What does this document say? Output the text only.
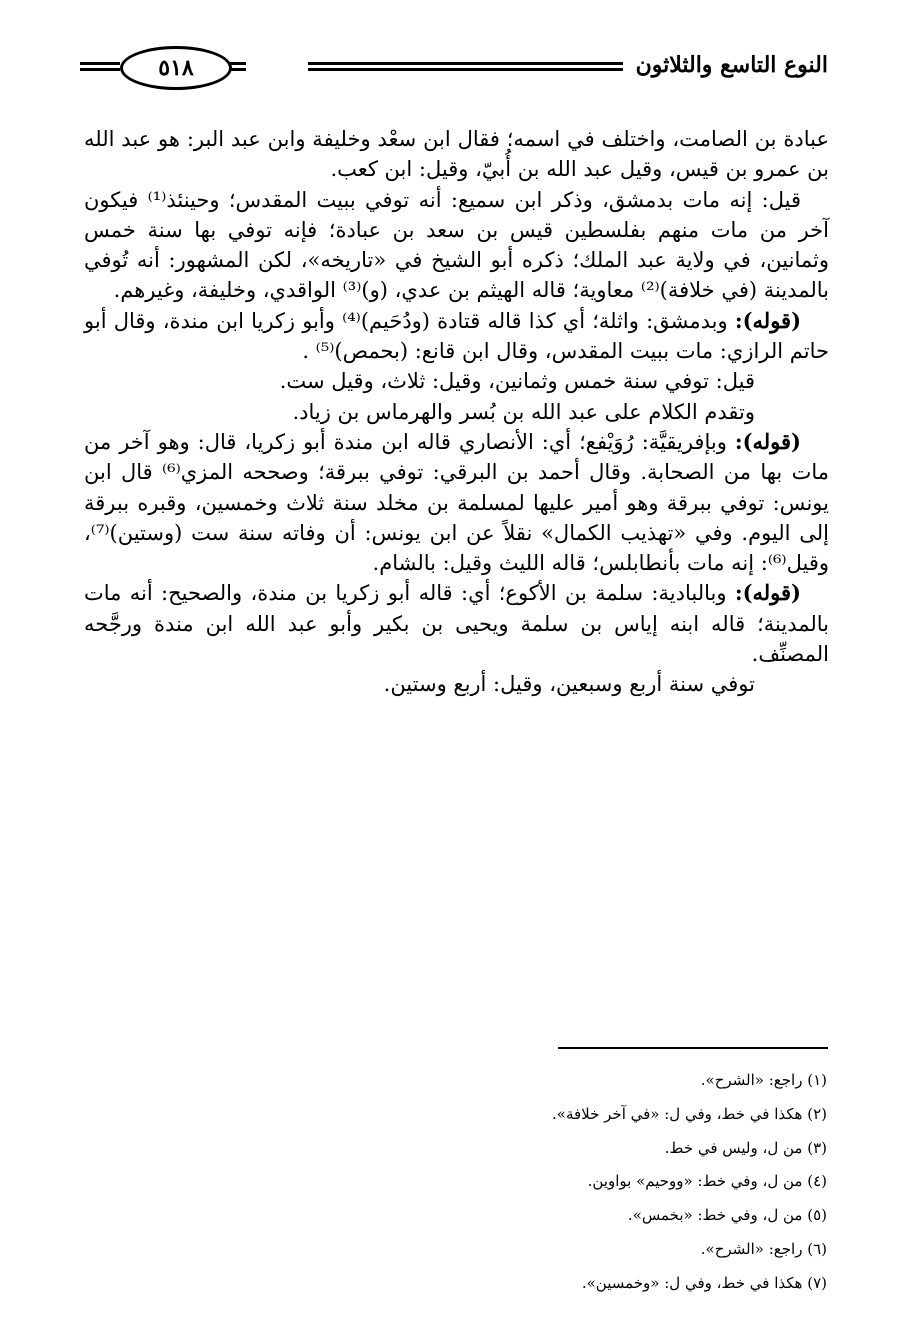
٥١٨	النوع التاسع والثلاثون

عبادة بن الصامت، واختلف في اسمه؛ فقال ابن سعْد وخليفة وابن عبد البر: هو عبد الله بن عمرو بن قيس، وقيل عبد الله بن أُبيّ، وقيل: ابن كعب.

قيل: إنه مات بدمشق، وذكر ابن سميع: أنه توفي ببيت المقدس؛ وحينئذ⁽¹⁾ فيكون آخر من مات منهم بفلسطين قيس بن سعد بن عبادة؛ فإنه توفي بها سنة خمس وثمانين، في ولاية عبد الملك؛ ذكره أبو الشيخ في «تاريخه»، لكن المشهور: أنه تُوفي بالمدينة (في خلافة)⁽²⁾ معاوية؛ قاله الهيثم بن عدي، (و)⁽³⁾ الواقدي، وخليفة، وغيرهم.

(قوله): وبدمشق: واثلة؛ أي كذا قاله قتادة (ودُحَيم)⁽⁴⁾ وأبو زكريا ابن مندة، وقال أبو حاتم الرازي: مات ببيت المقدس، وقال ابن قانع: (بحمص)⁽⁵⁾ .

قيل: توفي سنة خمس وثمانين، وقيل: ثلاث، وقيل ست.

وتقدم الكلام على عبد الله بن بُسر والهرماس بن زياد.

(قوله): وبإفريقيَّة: رُوَيْفع؛ أي: الأنصاري قاله ابن مندة أبو زكريا، قال: وهو آخر من مات بها من الصحابة. وقال أحمد بن البرقي: توفي ببرقة؛ وصححه المزي⁽⁶⁾ قال ابن يونس: توفي ببرقة وهو أمير عليها لمسلمة بن مخلد سنة ثلاث وخمسين، وقبره ببرقة إلى اليوم. وفي «تهذيب الكمال» نقلاً عن ابن يونس: أن وفاته سنة ست (وستين)⁽⁷⁾، وقيل⁽⁶⁾: إنه مات بأنطابلس؛ قاله الليث وقيل: بالشام.

(قوله): وبالبادية: سلمة بن الأكوع؛ أي: قاله أبو زكريا بن مندة، والصحيح: أنه مات بالمدينة؛ قاله ابنه إياس بن سلمة ويحيى بن بكير وأبو عبد الله ابن مندة ورجَّحه المصنِّف.

توفي سنة أربع وسبعين، وقيل: أربع وستين.

(١) راجع: «الشرح».
(٢) هكذا في خط، وفي ل: «في آخر خلافة».
(٣) من ل، وليس في خط.
(٤) من ل، وفي خط: «ووحيم» بواوين.
(٥) من ل، وفي خط: «بخمس».
(٦) راجع: «الشرح».
(٧) هكذا في خط، وفي ل: «وخمسين».
